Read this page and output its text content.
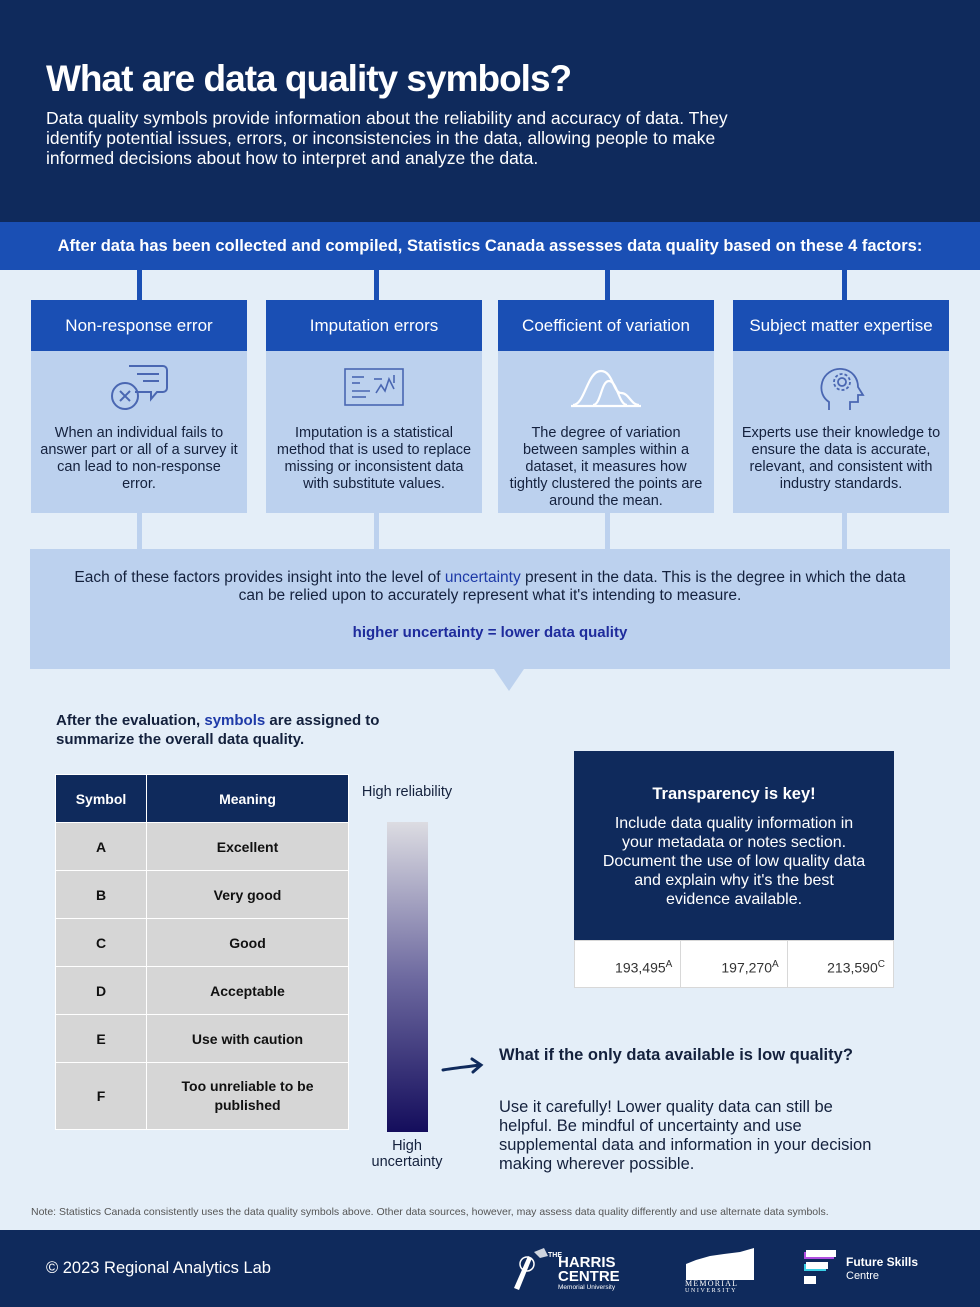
What are data quality symbols?

Data quality symbols provide information about the reliability and accuracy of data. They identify potential issues, errors, or inconsistencies in the data, allowing people to make informed decisions about how to interpret and analyze the data.

After data has been collected and compiled, Statistics Canada assesses data quality based on these 4 factors:
Non-response error
When an individual fails to answer part or all of a survey it can lead to non-response error.
Imputation errors
Imputation is a statistical method that is used to replace missing or inconsistent data with substitute values.
Coefficient of variation
The degree of variation between samples within a dataset, it measures how tightly clustered the points are around the mean.
Subject matter expertise
Experts use their knowledge to ensure the data is accurate, relevant, and consistent with industry standards.
Each of these factors provides insight into the level of uncertainty present in the data. This is the degree in which the data can be relied upon to accurately represent what it's intending to measure.
higher uncertainty = lower data quality
After the evaluation, symbols are assigned to summarize the overall data quality.
Symbol	Meaning
A	Excellent
B	Very good
C	Good
D	Acceptable
E	Use with caution
F	Too unreliable to be published
High reliability
High uncertainty
Transparency is key!
Include data quality information in your metadata or notes section. Document the use of low quality data and explain why it's the best evidence available.
$193,495^A$	$197,270^A$	$213,590^C$
What if the only data available is low quality?
Use it carefully! Lower quality data can still be helpful. Be mindful of uncertainty and use supplemental data and information in your decision making wherever possible.
Note: Statistics Canada consistently uses the data quality symbols above. Other data sources, however, may assess data quality differently and use alternate data symbols.
© 2023 Regional Analytics Lab
THE
HARRIS
CENTRE
Memorial University	MEMORIAL
UNIVERSITY
Future Skills
Centre
